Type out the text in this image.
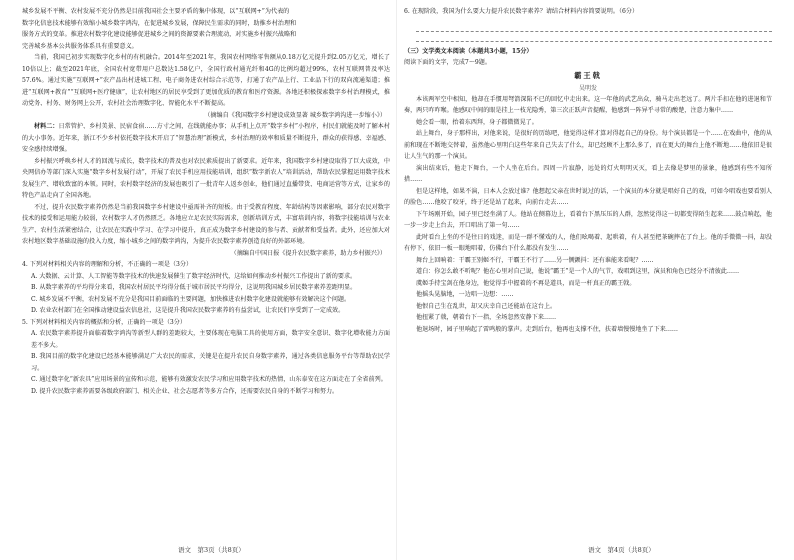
城乡发展不平衡、农村发展不充分仍然是目前我国社会主要矛盾的集中体现，以“互联网+”为代表的

数字化信息技术能够有效缩小城乡数字鸿沟，在促进城乡发展，保障民生需求的同时，助推乡村治理和

服务方式的变革。推进农村数字化建设能够促进城乡之间的资源要素合理流动，对实施乡村振兴战略和

完善城乡基本公共服务体系具有重要意义。

当前，我国已初步实现数字化乡村的有机融合。2014年至2021年，我国农村网络零售额从0.18万亿元提升到2.05万亿元，增长了10倍以上；截至2021年底，全国农村宽带用户总数达1.58亿户，全国行政村通光纤和4G的比例均超过99%，农村互联网普及率达57.6%。通过实施“互联网+”农产品出村进城工程、电子商务进农村综合示范等，打通了农产品上行、工业品下行的双向流通渠道；推进“互联网+教育”“互联网+医疗健康”，让农村地区的居民享受到了更加优质的教育和医疗资源。各地还积极探索数字乡村治理模式，推动党务、村务、财务网上公开，农村社会治理数字化、智能化水平不断提高。

（摘编自《我国数字乡村建设成效显著 城乡数字鸿沟进一步缩小》）

材料二：日常管护、乡村美景、民宿食宿……方寸之间，在线就能办事；从手机上点开“数字乡村”小程序，村民们就能及时了解本村的大小事务。近年来，浙江不少乡村依托数字技术开启了“智慧治理”新模式，乡村治理的效率和质量不断提升，群众的获得感、幸福感、安全感持续增强。

乡村振兴呼唤乡村人才的回流与成长，数字技术的普及也对农民素质提出了新要求。近年来，我国数字乡村建设取得了巨大成效，中央网信办等部门深入实施“数字乡村发展行动”，开展了农民手机应用技能培训，组织“数字新农人”培训活动，帮助农民掌握运用数字技术发展生产、增收致富的本领。同时，农村数字经济的发展也吸引了一批青年人返乡创业，他们通过直播带货、电商运营等方式，让家乡的特色产品走向了全国各地。

不过，提升农民数字素养仍然是当前我国数字乡村建设中亟需补齐的短板。由于受教育程度、年龄结构等因素影响，部分农民对数字技术的接受和运用能力较弱，农村数字人才仍然匮乏。各地应立足农民实际需求，创新培训方式，丰富培训内容，将数字技能培训与农业生产、农村生活紧密结合，让农民在实践中学习、在学习中提升，真正成为数字乡村建设的参与者、贡献者和受益者。此外，还应加大对农村地区数字基础设施的投入力度，缩小城乡之间的数字鸿沟，为提升农民数字素养创造良好的外部环境。

（摘编自中国日报《提升农民数字素养，助力乡村振兴》）

4. 下列对材料相关内容的理解和分析，不正确的一项是（3分）

A. 大数据、云计算、人工智能等数字技术的快速发展催生了数字经济时代，这给如何推动乡村振兴工作提出了新的要求。

B. 从数字素养的平均得分来看，我国农村居民平均得分低于城市居民平均得分，这说明我国城乡居民数字素养差距明显。

C. 城乡发展不平衡，农村发展不充分是我国目前面临的主要问题，加快推进农村数字化建设就能够有效解决这个问题。

D. 农业农村部门在全国推动建设益农信息社，这是提升我国农民数字素养的有益尝试，让农民们享受到了一定成效。

5. 下列对材料相关内容的概括和分析，正确的一项是（3分）

A. 农民数字素养提升面临着数字鸿沟等新型人群的差距较大，主要体现在电脑工具的使用方面，数字安全意识、数字化增收能力方面差不多大。

B. 我国目前的数字化建设已经基本能够满足广大农民的需求，关键是在提升农民自身数字素养，通过各类信息服务平台等帮助农民学习。

C. 通过数字化“新农具”应用场景的宣传和示范，能够有效激发农民学习和应用数字技术的热情，山东泰安在这方面走在了全省前列。

D. 提升农民数字素养需要各级政府部门、相关企业、社会志愿者等多方合作，还需要农民自身的不断学习和努力。

语文　第3页（共8页）

6. 在现阶段，我国为什么要大力提升农民数字素养？请结合材料内容简要说明。（6分）

（三）文学类文本阅读（本题共3小题，15分）

阅读下面的文字，完成7～9题。

霸王戟
吴明发

本该两军空中相知，他却在手惯用弩箭深陷不已的回忆中走出来。这一年他的武艺出众，骑马走出老远了。两片手扣在他的进退和节奏，两只咋咋喉。他感叹中间的眼是挂上一枝光隐秀，第三次正跃声音提醒，他感到一阵异乎寻常的酸楚，注意力集中……

她会看一眼，抬着东西拜，身子都微微晃了。

站上舞台，身子那样出，对他来说，是很好的历练吧，他觉得这样才算对得起自己的身份。每个演员都是一个……在戏曲中，他的从前和现在不断地交替着，虽然他心里明白这些年来自己失去了什么，却已经顾不上那么多了，而在更大的舞台上他不断地……他依旧是很让人生气的那一个演员。

演出结束后，他走下舞台，一个人坐在后台。四周一片寂静，远处的灯火明明灭灭，看上去像是梦里的景象，他感到有些不知所措……

但是这样地，如果不演，日本人会放过谁？他想起父亲在世时说过的话，一个演员的本分就是唱好自己的戏，可如今唱戏也要看别人的脸色……他咬了咬牙，终于还是站了起来，向前台走去……

下午场刚开始，园子里已经坐满了人。他站在侧幕边上，看着台下黑压压的人群，忽然觉得这一切都变得陌生起来……鼓点响起，他一步一步走上台去，开口唱出了第一句……

此时看台上坐的不是往日的戏迷，而是一群不懂戏的人，他们吆喝着、起哄着，有人甚至把茶碗摔在了台上。他的手微微一抖，却没有停下，依旧一板一眼地唱着，仿佛台下什么都没有发生……

舞台上回响着：干霸王别姬不行，干霸王不行了……另一侧颤抖：还有谁能来看呢？……

道白：你怎么敢不听呢？他在心里对自己说，他说“霸王”是一个人的气节，戏唱到这里，演员和角色已经分不清彼此……

虞姬手持宝剑在他身边，他觉得手中握着的不再是道具，而是一杆真正的霸王戟。

他摇头晃脑地，一边唱一边想：……

他恨自己生在乱世，却又庆幸自己还能站在这台上。

他扭紧了戟，朝着台下一指，全场忽然安静下来……

他退场时，园子里响起了雷鸣般的掌声。走到后台，他再也支撑不住，扶着墙慢慢地坐了下来……

语文　第4页（共8页）
